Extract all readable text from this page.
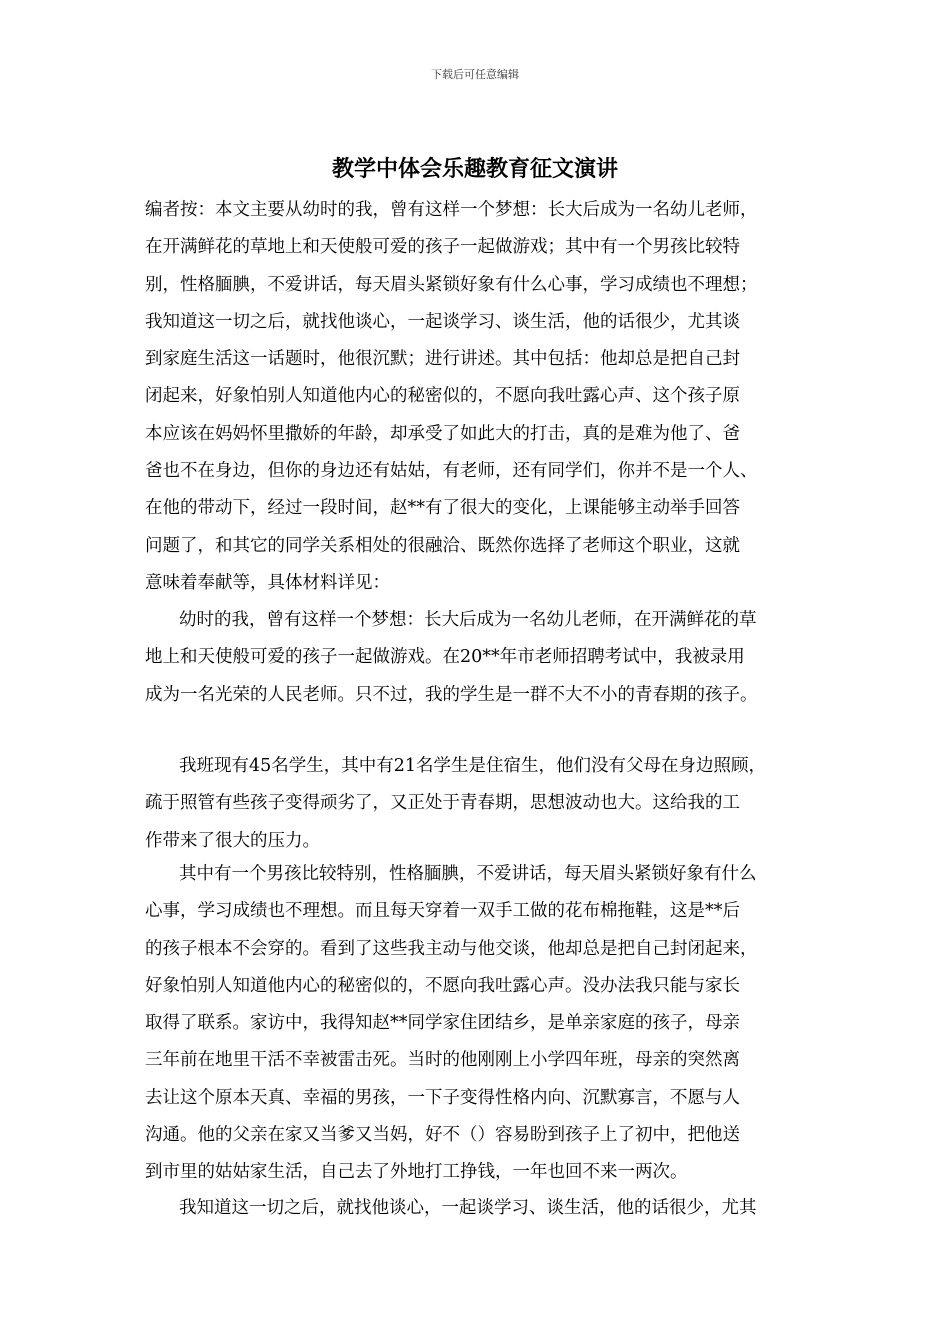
下载后可任意编辑
教学中体会乐趣教育征文演讲
编者按：本文主要从幼时的我，曾有这样一个梦想：长大后成为一名幼儿老师，
在开满鲜花的草地上和天使般可爱的孩子一起做游戏；其中有一个男孩比较特
别，性格腼腆，不爱讲话，每天眉头紧锁好象有什么心事，学习成绩也不理想；
我知道这一切之后，就找他谈心，一起谈学习、谈生活，他的话很少，尤其谈
到家庭生活这一话题时，他很沉默；进行讲述。其中包括：他却总是把自己封
闭起来，好象怕别人知道他内心的秘密似的，不愿向我吐露心声、这个孩子原
本应该在妈妈怀里撒娇的年龄，却承受了如此大的打击，真的是难为他了、爸
爸也不在身边，但你的身边还有姑姑，有老师，还有同学们，你并不是一个人、
在他的带动下，经过一段时间，赵**有了很大的变化，上课能够主动举手回答
问题了，和其它的同学关系相处的很融洽、既然你选择了老师这个职业，这就
意味着奉献等，具体材料详见：
幼时的我，曾有这样一个梦想：长大后成为一名幼儿老师，在开满鲜花的草
地上和天使般可爱的孩子一起做游戏。在20**年市老师招聘考试中，我被录用
成为一名光荣的人民老师。只不过，我的学生是一群不大不小的青春期的孩子。
我班现有45名学生，其中有21名学生是住宿生，他们没有父母在身边照顾，
疏于照管有些孩子变得顽劣了，又正处于青春期，思想波动也大。这给我的工
作带来了很大的压力。
其中有一个男孩比较特别，性格腼腆，不爱讲话，每天眉头紧锁好象有什么
心事，学习成绩也不理想。而且每天穿着一双手工做的花布棉拖鞋，这是**后
的孩子根本不会穿的。看到了这些我主动与他交谈，他却总是把自己封闭起来，
好象怕别人知道他内心的秘密似的，不愿向我吐露心声。没办法我只能与家长
取得了联系。家访中，我得知赵**同学家住团结乡，是单亲家庭的孩子，母亲
三年前在地里干活不幸被雷击死。当时的他刚刚上小学四年班，母亲的突然离
去让这个原本天真、幸福的男孩，一下子变得性格内向、沉默寡言，不愿与人
沟通。他的父亲在家又当爹又当妈，好不（）容易盼到孩子上了初中，把他送
到市里的姑姑家生活，自己去了外地打工挣钱，一年也回不来一两次。
我知道这一切之后，就找他谈心，一起谈学习、谈生活，他的话很少，尤其
